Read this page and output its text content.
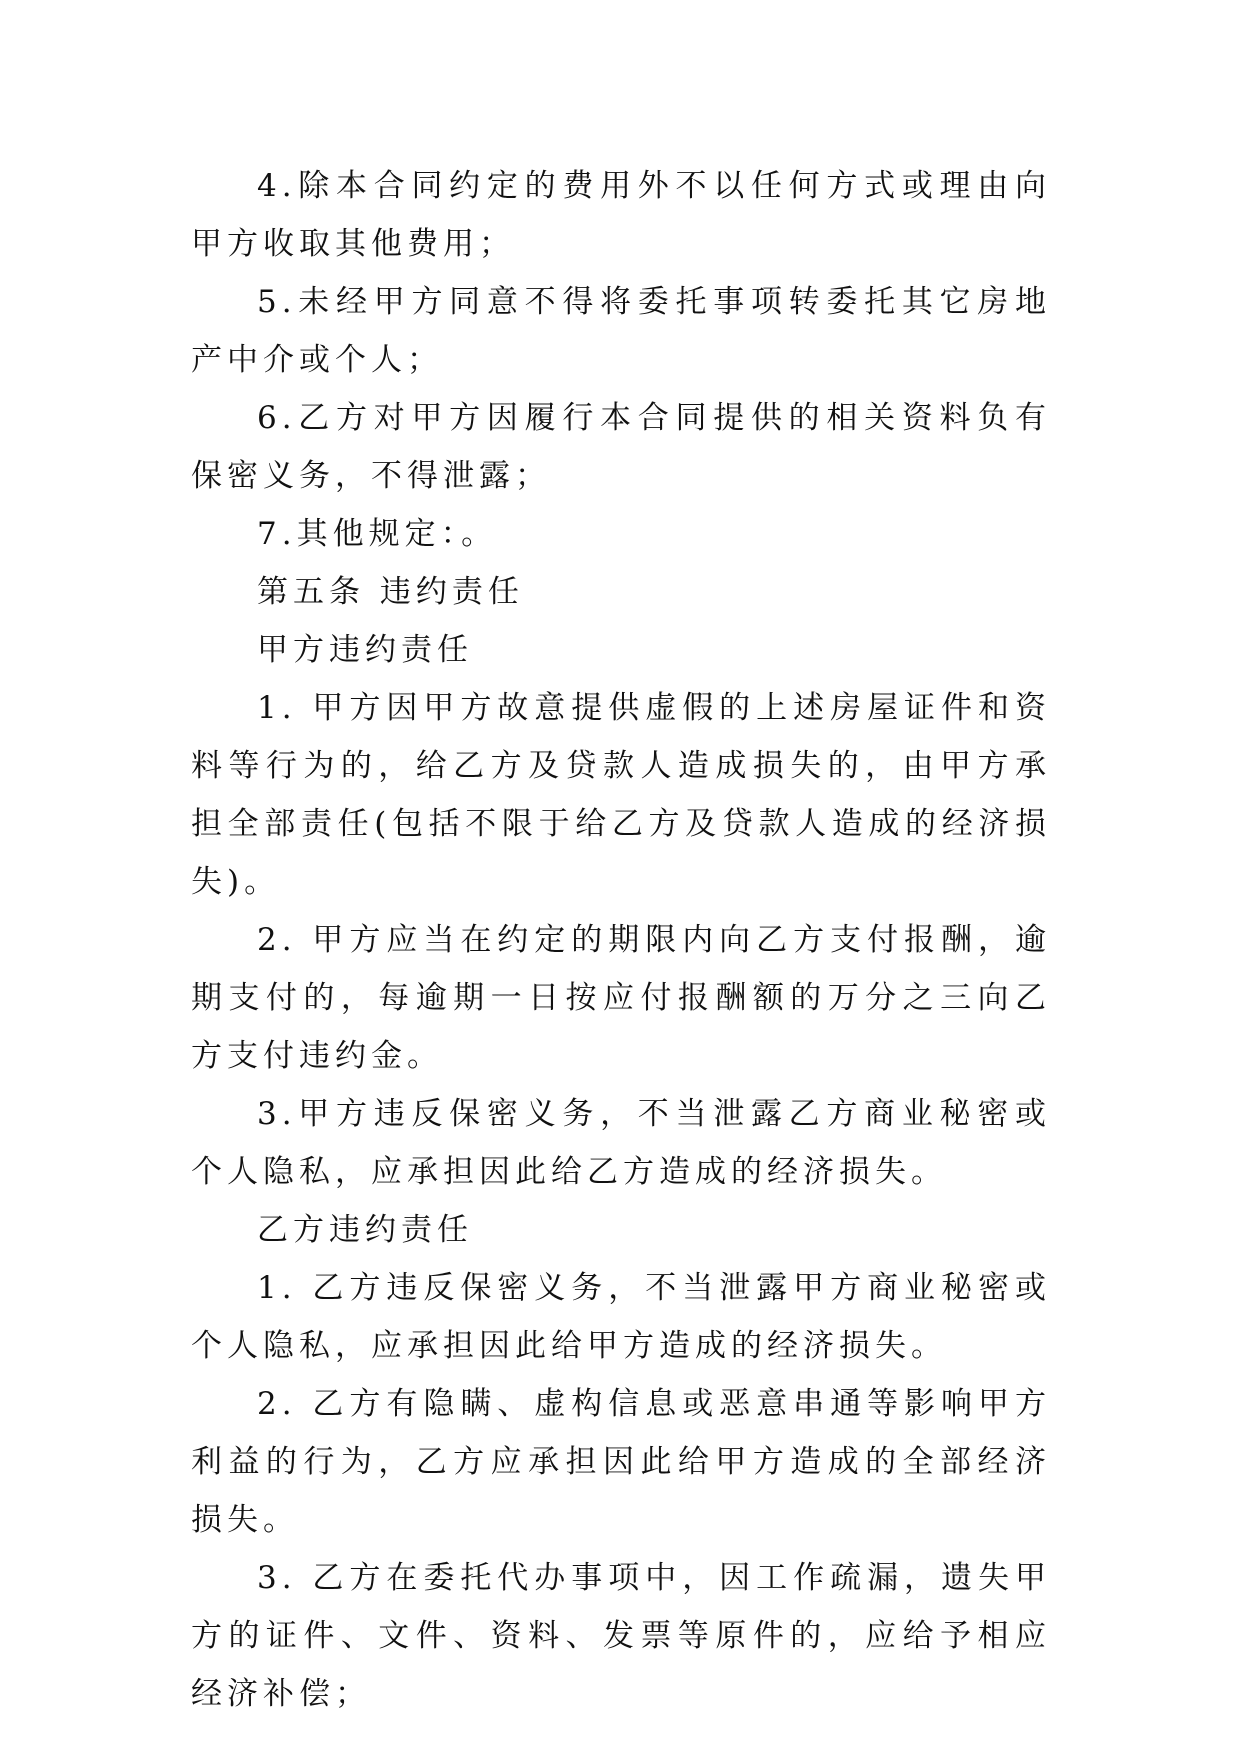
4.除本合同约定的费用外不以任何方式或理由向甲方收取其他费用；

5.未经甲方同意不得将委托事项转委托其它房地产中介或个人；

6.乙方对甲方因履行本合同提供的相关资料负有保密义务，不得泄露；

7.其他规定：。

第五条 违约责任

甲方违约责任

1. 甲方因甲方故意提供虚假的上述房屋证件和资料等行为的，给乙方及贷款人造成损失的，由甲方承担全部责任(包括不限于给乙方及贷款人造成的经济损失)。

2. 甲方应当在约定的期限内向乙方支付报酬，逾期支付的，每逾期一日按应付报酬额的万分之三向乙方支付违约金。

3.甲方违反保密义务，不当泄露乙方商业秘密或个人隐私，应承担因此给乙方造成的经济损失。

乙方违约责任

1. 乙方违反保密义务，不当泄露甲方商业秘密或个人隐私，应承担因此给甲方造成的经济损失。

2. 乙方有隐瞒、虚构信息或恶意串通等影响甲方利益的行为，乙方应承担因此给甲方造成的全部经济损失。

3. 乙方在委托代办事项中，因工作疏漏，遗失甲方的证件、文件、资料、发票等原件的，应给予相应经济补偿；
